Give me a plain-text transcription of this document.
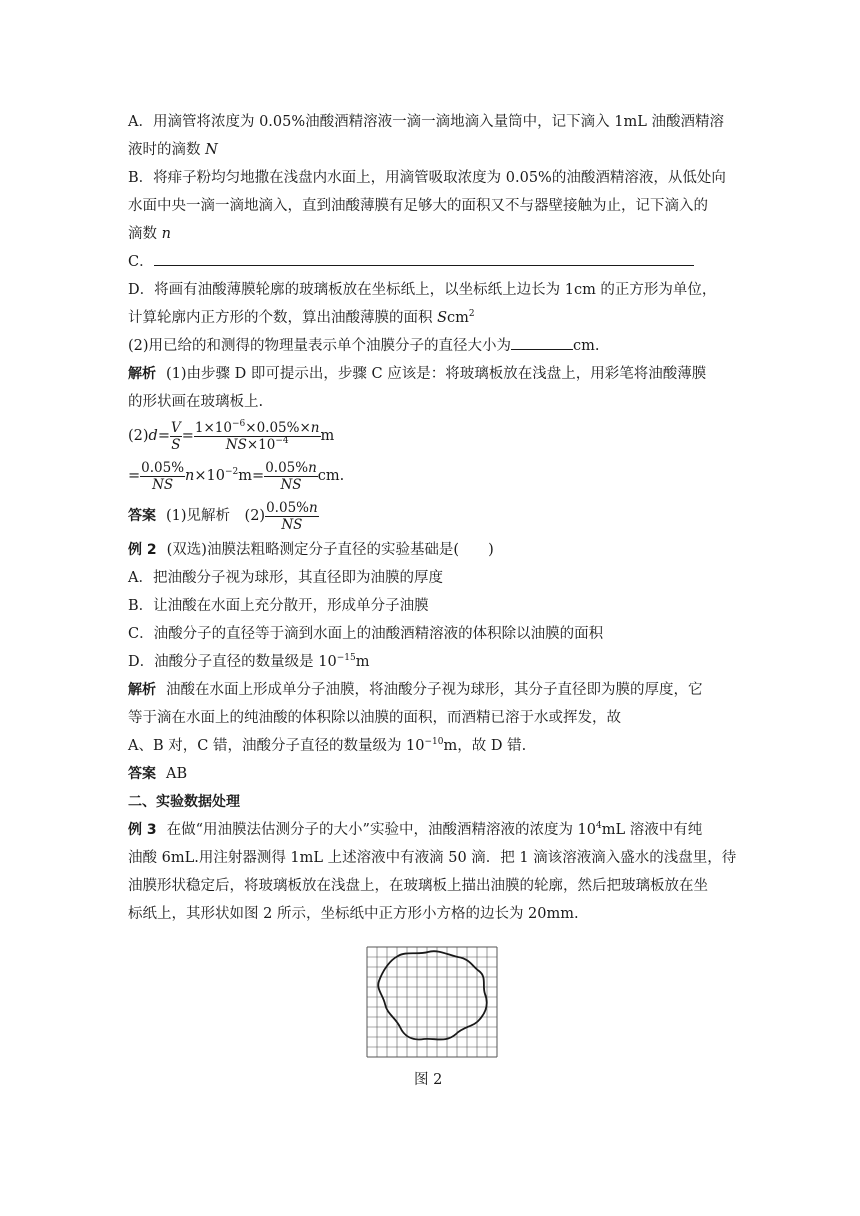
A．用滴管将浓度为 0.05%油酸酒精溶液一滴一滴地滴入量筒中，记下滴入 1mL 油酸酒精溶
液时的滴数 N
B．将痱子粉均匀地撒在浅盘内水面上，用滴管吸取浓度为 0.05%的油酸酒精溶液，从低处向
水面中央一滴一滴地滴入，直到油酸薄膜有足够大的面积又不与器壁接触为止，记下滴入的
滴数 n
C．
D．将画有油酸薄膜轮廓的玻璃板放在坐标纸上，以坐标纸上边长为 1cm 的正方形为单位，
计算轮廓内正方形的个数，算出油酸薄膜的面积 Scm$^2$
(2)用已给的和测得的物理量表示单个油膜分子的直径大小为	cm.
解析 (1)由步骤 D 即可提示出，步骤 C 应该是：将玻璃板放在浅盘上，用彩笔将油酸薄膜
的形状画在玻璃板上.
$(2)d= \frac{V}{S} = \frac{1\times 10^{-6}\times 0.05\%\times n}{NS\times 10^{-4}}$ m
= $\frac{0.05\%}{NS} n\times 10^{-2}m= \frac{0.05\%n}{NS}$ cm.
答案 (1)见解析　$(2) \frac{0.05\%n}{NS}$
例 2 (双选)油膜法粗略测定分子直径的实验基础是(　　)
A．把油酸分子视为球形，其直径即为油膜的厚度
B．让油酸在水面上充分散开，形成单分子油膜
C．油酸分子的直径等于滴到水面上的油酸酒精溶液的体积除以油膜的面积
D．油酸分子直径的数量级是 $10^{-15}m$
解析 油酸在水面上形成单分子油膜，将油酸分子视为球形，其分子直径即为膜的厚度，它
等于滴在水面上的纯油酸的体积除以油膜的面积，而酒精已溶于水或挥发，故
A、B 对，C 错，油酸分子直径的数量级为 $10^{-10}m$，故 D 错.
答案 AB
二、实验数据处理
例 3 在做“用油膜法估测分子的大小”实验中，油酸酒精溶液的浓度为 $10^4mL$ 溶液中有纯
油酸 6mL.用注射器测得 1mL 上述溶液中有液滴 50 滴．把 1 滴该溶液滴入盛水的浅盘里，待
油膜形状稳定后，将玻璃板放在浅盘上，在玻璃板上描出油膜的轮廓，然后把玻璃板放在坐
标纸上，其形状如图 2 所示，坐标纸中正方形小方格的边长为 20mm.
图 2
